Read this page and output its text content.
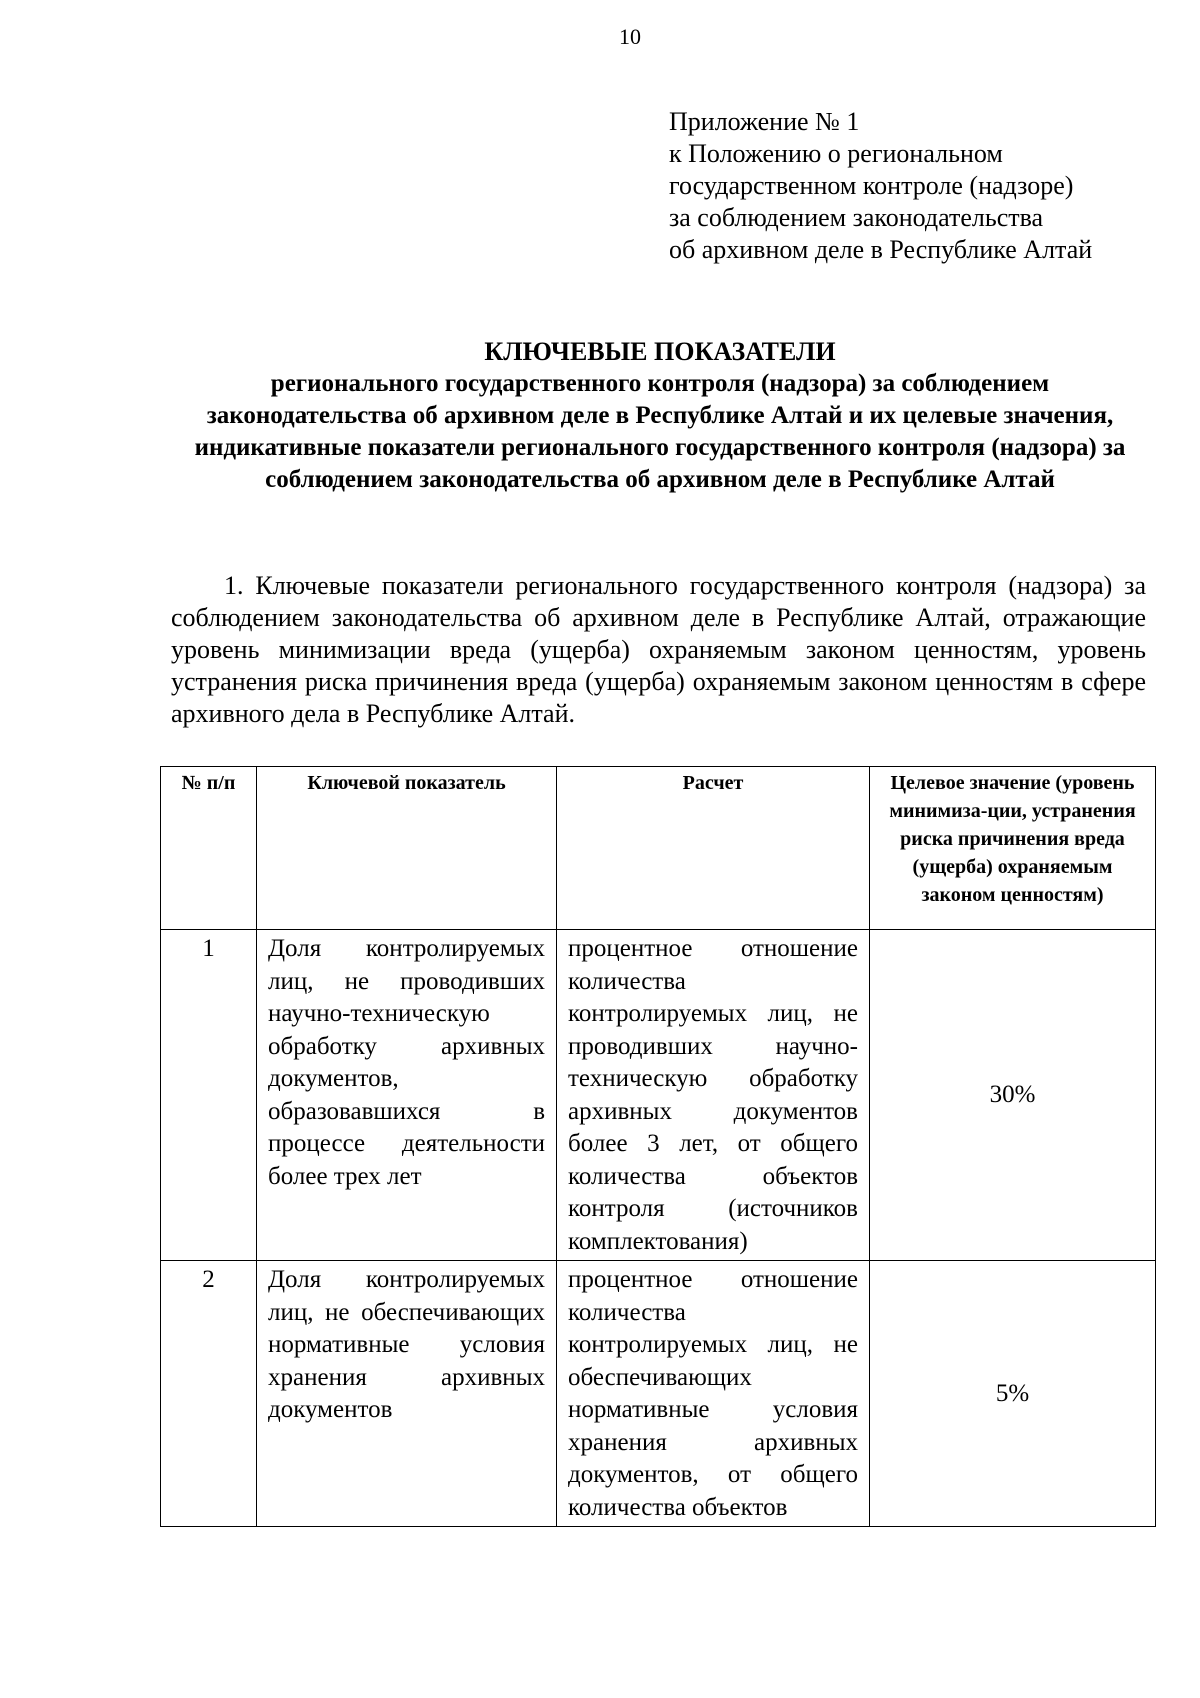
10
Приложение № 1
к Положению о региональном
государственном контроле (надзоре)
за соблюдением законодательства
об архивном деле в Республике Алтай
КЛЮЧЕВЫЕ ПОКАЗАТЕЛИ
регионального государственного контроля (надзора) за соблюдением законодательства об архивном деле в Республике Алтай и их целевые значения, индикативные показатели регионального государственного контроля (надзора) за соблюдением законодательства об архивном деле в Республике Алтай

1. Ключевые показатели регионального государственного контроля (надзора) за соблюдением законодательства об архивном деле в Республике Алтай, отражающие уровень минимизации вреда (ущерба) охраняемым законом ценностям, уровень устранения риска причинения вреда (ущерба) охраняемым законом ценностям в сфере архивного дела в Республике Алтай.

№ п/п	Ключевой показатель	Расчет	Целевое значение (уровень минимиза-ции, устранения риска причинения вреда (ущерба) охраняемым законом ценностям)
1	Доля контролируемых лиц, не проводивших научно-техническую обработку архивных документов, образовавшихся в процессе деятельности более трех лет	процентное отношение количества контролируемых лиц, не проводивших научно-техническую обработку архивных документов более 3 лет, от общего количества объектов контроля (источников комплектования)	30%
2	Доля контролируемых лиц, не обеспечивающих нормативные условия хранения архивных документов	процентное отношение количества контролируемых лиц, не обеспечивающих нормативные условия хранения архивных документов, от общего количества объектов	5%
